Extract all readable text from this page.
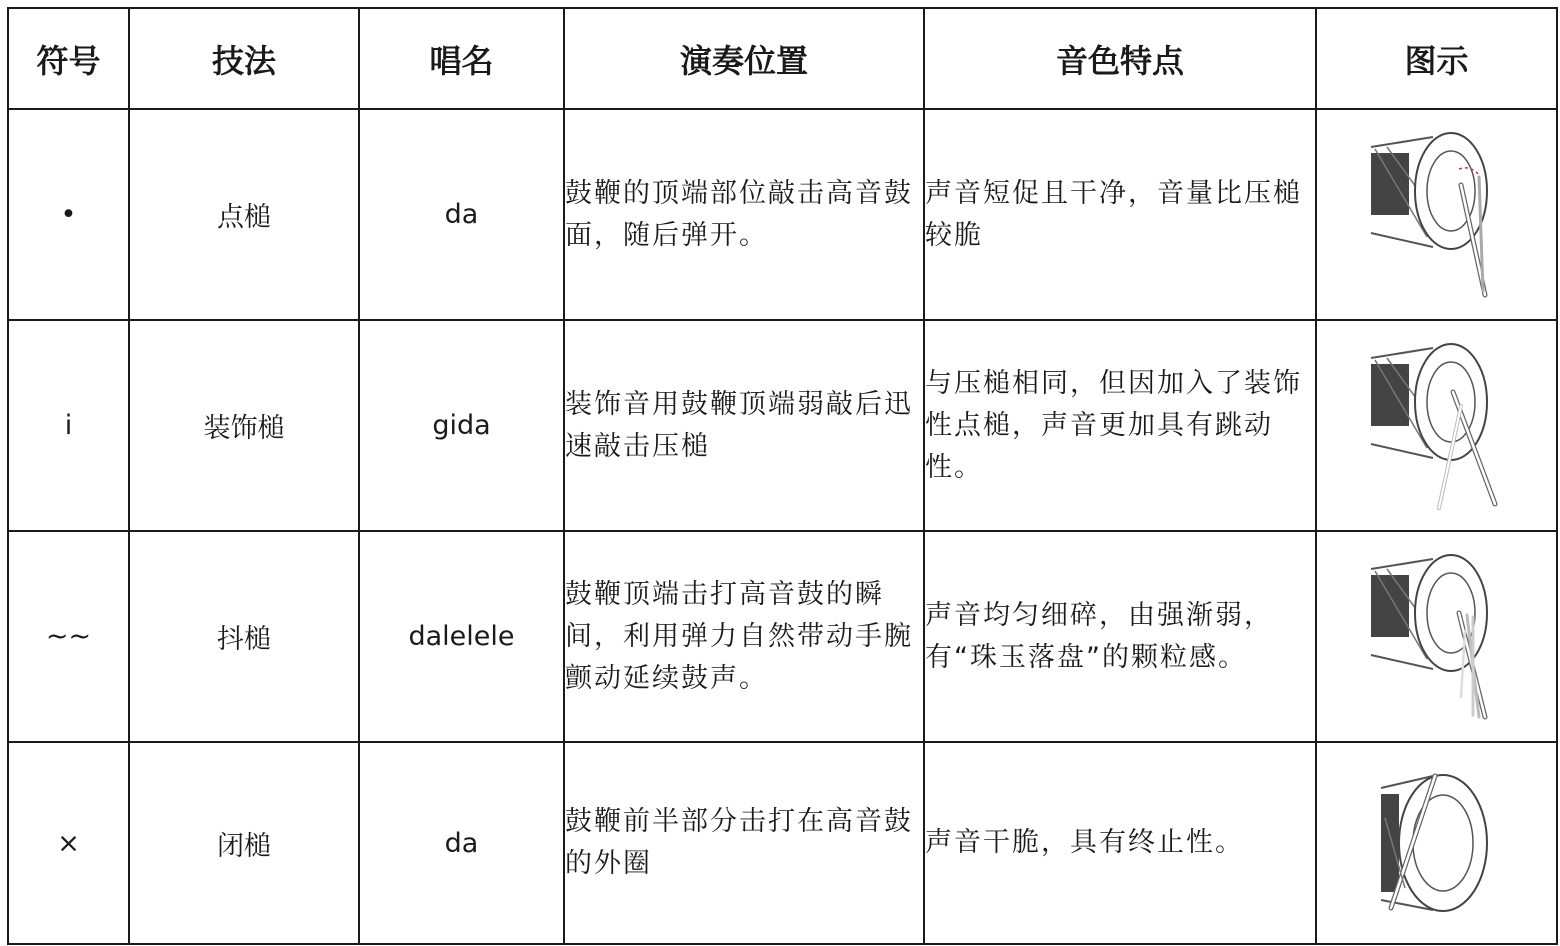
符号	技法	唱名	演奏位置	音色特点	图示
•	点槌	da	鼓鞭的顶端部位敲击高音鼓面，随后弹开。	声音短促且干净，音量比压槌较脆	

i	装饰槌	gida	装饰音用鼓鞭顶端弱敲后迅速敲击压槌	与压槌相同，但因加入了装饰性点槌，声音更加具有跳动性。	

~~	抖槌	dalelele	鼓鞭顶端击打高音鼓的瞬间，利用弹力自然带动手腕颤动延续鼓声。	声音均匀细碎，由强渐弱，有“珠玉落盘”的颗粒感。	

×	闭槌	da	鼓鞭前半部分击打在高音鼓的外圈	声音干脆，具有终止性。	
